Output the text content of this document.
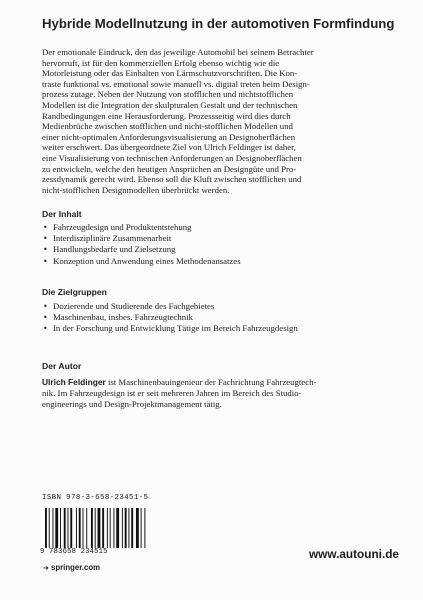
Hybride Modellnutzung in der automotiven Formfindung

Der emotionale Eindruck, den das jeweilige Automobil bei seinem Betrachter

hervorruft, ist für den kommerziellen Erfolg ebenso wichtig wie die

Motorleistung oder das Einhalten von Lärmschutzvorschriften. Die Kon-

traste funktional vs. emotional sowie manuell vs. digital treten beim Design-

prozess zutage. Neben der Nutzung von stofflichen und nichtstofflichen

Modellen ist die Integration der skulpturalen Gestalt und der technischen

Randbedingungen eine Herausforderung. Prozessseitig wird dies durch

Medienbrüche zwischen stofflichen und nicht-stofflichen Modellen und

einer nicht-optimalen Anforderungsvisualisierung an Designoberflächen

weiter erschwert. Das übergeordnete Ziel von Ulrich Feldinger ist daher,

eine Visualisierung von technischen Anforderungen an Designoberflächen

zu entwickeln, welche den heutigen Ansprüchen an Designgüte und Pro-

zessdynamik gerecht wird. Ebenso soll die Kluft zwischen stofflichen und

nicht-stofflichen Designmodellen überbrückt werden.

Der Inhalt
• Fahrzeugdesign und Produktentstehung
• Interdisziplinäre Zusammenarbeit
• Handlungsbedarfe und Zielsetzung
• Konzeption und Anwendung eines Methodenansatzes
Die Zielgruppen
• Dozierende und Studierende des Fachgebietes
• Maschinenbau, insbes. Fahrzeugtechnik
• In der Forschung und Entwicklung Tätige im Bereich Fahrzeugdesign
Der Autor
Ulrich Feldinger ist Maschinenbauingenieur der Fachrichtung Fahrzeugtech-
nik. Im Fahrzeugdesign ist er seit mehreren Jahren im Bereich des Studio-
engineerings und Design-Projektmanagement tätig.
ISBN 978-3-658-23451-5
9 783658 234515
➜ springer.com
www.autouni.de
